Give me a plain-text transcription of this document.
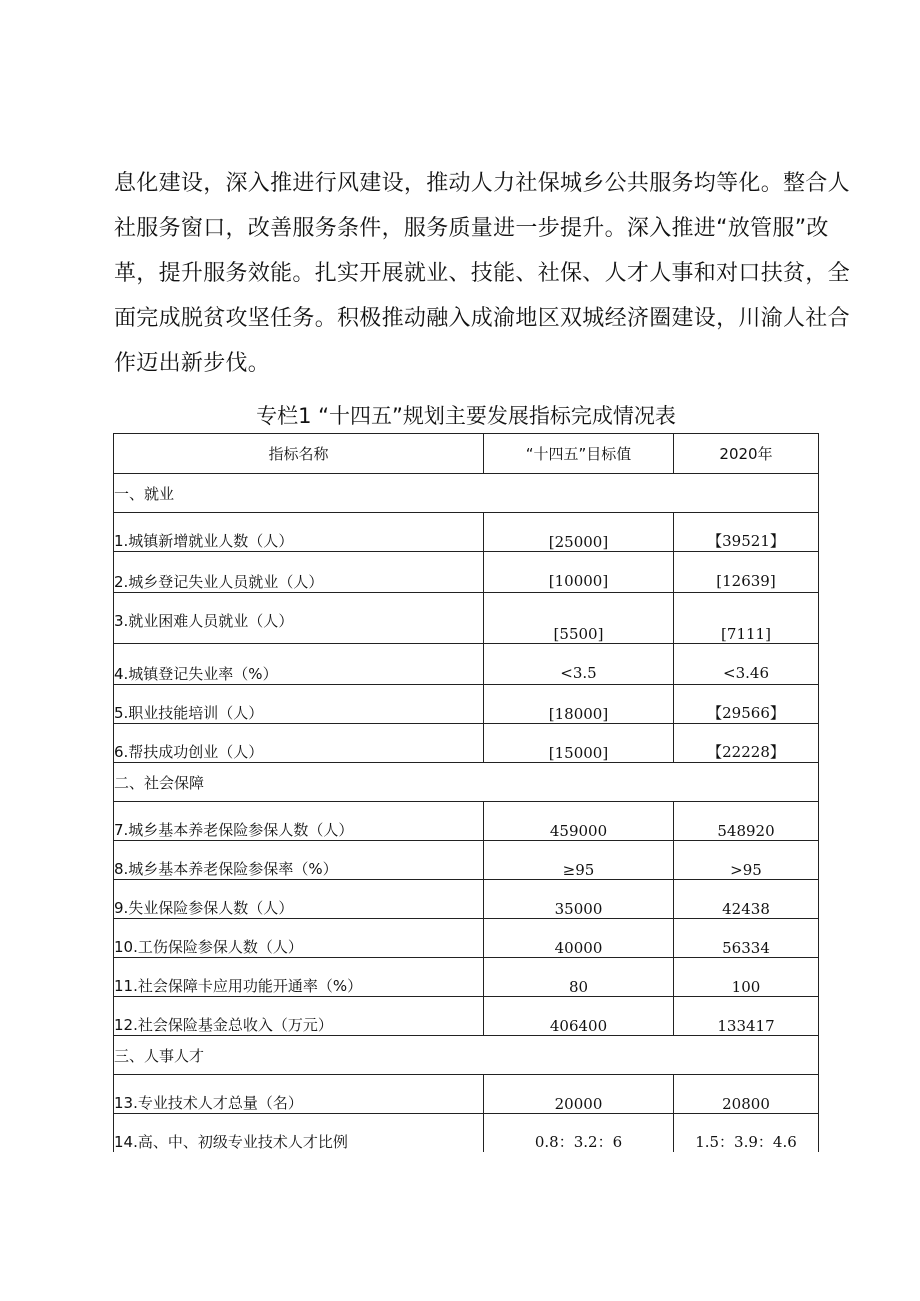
息化建设，深入推进行风建设，推动人力社保城乡公共服务均等化。整合人
社服务窗口，改善服务条件，服务质量进一步提升。深入推进“放管服”改
革，提升服务效能。扎实开展就业、技能、社保、人才人事和对口扶贫，全
面完成脱贫攻坚任务。积极推动融入成渝地区双城经济圈建设，川渝人社合
作迈出新步伐。
专栏1 “十四五”规划主要发展指标完成情况表
指标名称	“十四五”目标值	2020年
一、就业		
1.城镇新增就业人数（人）	[25000]	【39521】
2.城乡登记失业人员就业（人）	[10000]	[12639]
3.就业困难人员就业（人）	[5500]	[7111]
4.城镇登记失业率（%）	<3.5	<3.46
5.职业技能培训（人）	[18000]	【29566】
6.帮扶成功创业（人）	[15000]	【22228】
二、社会保障		
7.城乡基本养老保险参保人数（人）	459000	548920
8.城乡基本养老保险参保率（%）	≥95	>95
9.失业保险参保人数（人）	35000	42438
10.工伤保险参保人数（人）	40000	56334
11.社会保障卡应用功能开通率（%）	80	100
12.社会保险基金总收入（万元）	406400	133417
三、人事人才		
13.专业技术人才总量（名）	20000	20800
14.高、中、初级专业技术人才比例	0.8：3.2：6	1.5：3.9：4.6
